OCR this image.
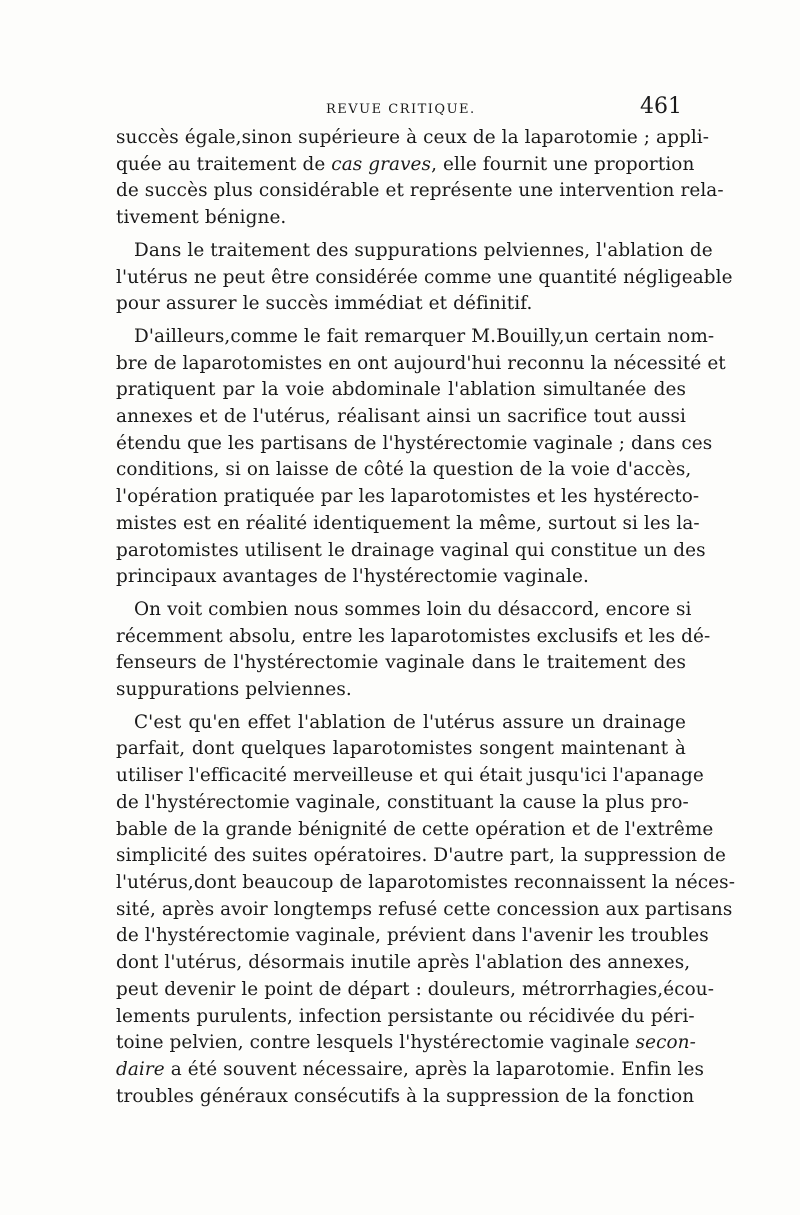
REVUE CRITIQUE.	461
succès égale,sinon supérieure à ceux de la laparotomie ; appli-
quée au traitement de cas graves, elle fournit une proportion
de succès plus considérable et représente une intervention rela-
tivement bénigne.
Dans le traitement des suppurations pelviennes, l'ablation de
l'utérus ne peut être considérée comme une quantité négligeable
pour assurer le succès immédiat et définitif.
D'ailleurs,comme le fait remarquer M.Bouilly,un certain nom-
bre de laparotomistes en ont aujourd'hui reconnu la nécessité et
pratiquent par la voie abdominale l'ablation simultanée des
annexes et de l'utérus, réalisant ainsi un sacrifice tout aussi
étendu que les partisans de l'hystérectomie vaginale ; dans ces
conditions, si on laisse de côté la question de la voie d'accès,
l'opération pratiquée par les laparotomistes et les hystérecto-
mistes est en réalité identiquement la même, surtout si les la-
parotomistes utilisent le drainage vaginal qui constitue un des
principaux avantages de l'hystérectomie vaginale.
On voit combien nous sommes loin du désaccord, encore si
récemment absolu, entre les laparotomistes exclusifs et les dé-
fenseurs de l'hystérectomie vaginale dans le traitement des
suppurations pelviennes.
C'est qu'en effet l'ablation de l'utérus assure un drainage
parfait, dont quelques laparotomistes songent maintenant à
utiliser l'efficacité merveilleuse et qui était jusqu'ici l'apanage
de l'hystérectomie vaginale, constituant la cause la plus pro-
bable de la grande bénignité de cette opération et de l'extrême
simplicité des suites opératoires. D'autre part, la suppression de
l'utérus,dont beaucoup de laparotomistes reconnaissent la néces-
sité, après avoir longtemps refusé cette concession aux partisans
de l'hystérectomie vaginale, prévient dans l'avenir les troubles
dont l'utérus, désormais inutile après l'ablation des annexes,
peut devenir le point de départ : douleurs, métrorrhagies,écou-
lements purulents, infection persistante ou récidivée du péri-
toine pelvien, contre lesquels l'hystérectomie vaginale secon-
daire a été souvent nécessaire, après la laparotomie. Enfin les
troubles généraux consécutifs à la suppression de la fonction
